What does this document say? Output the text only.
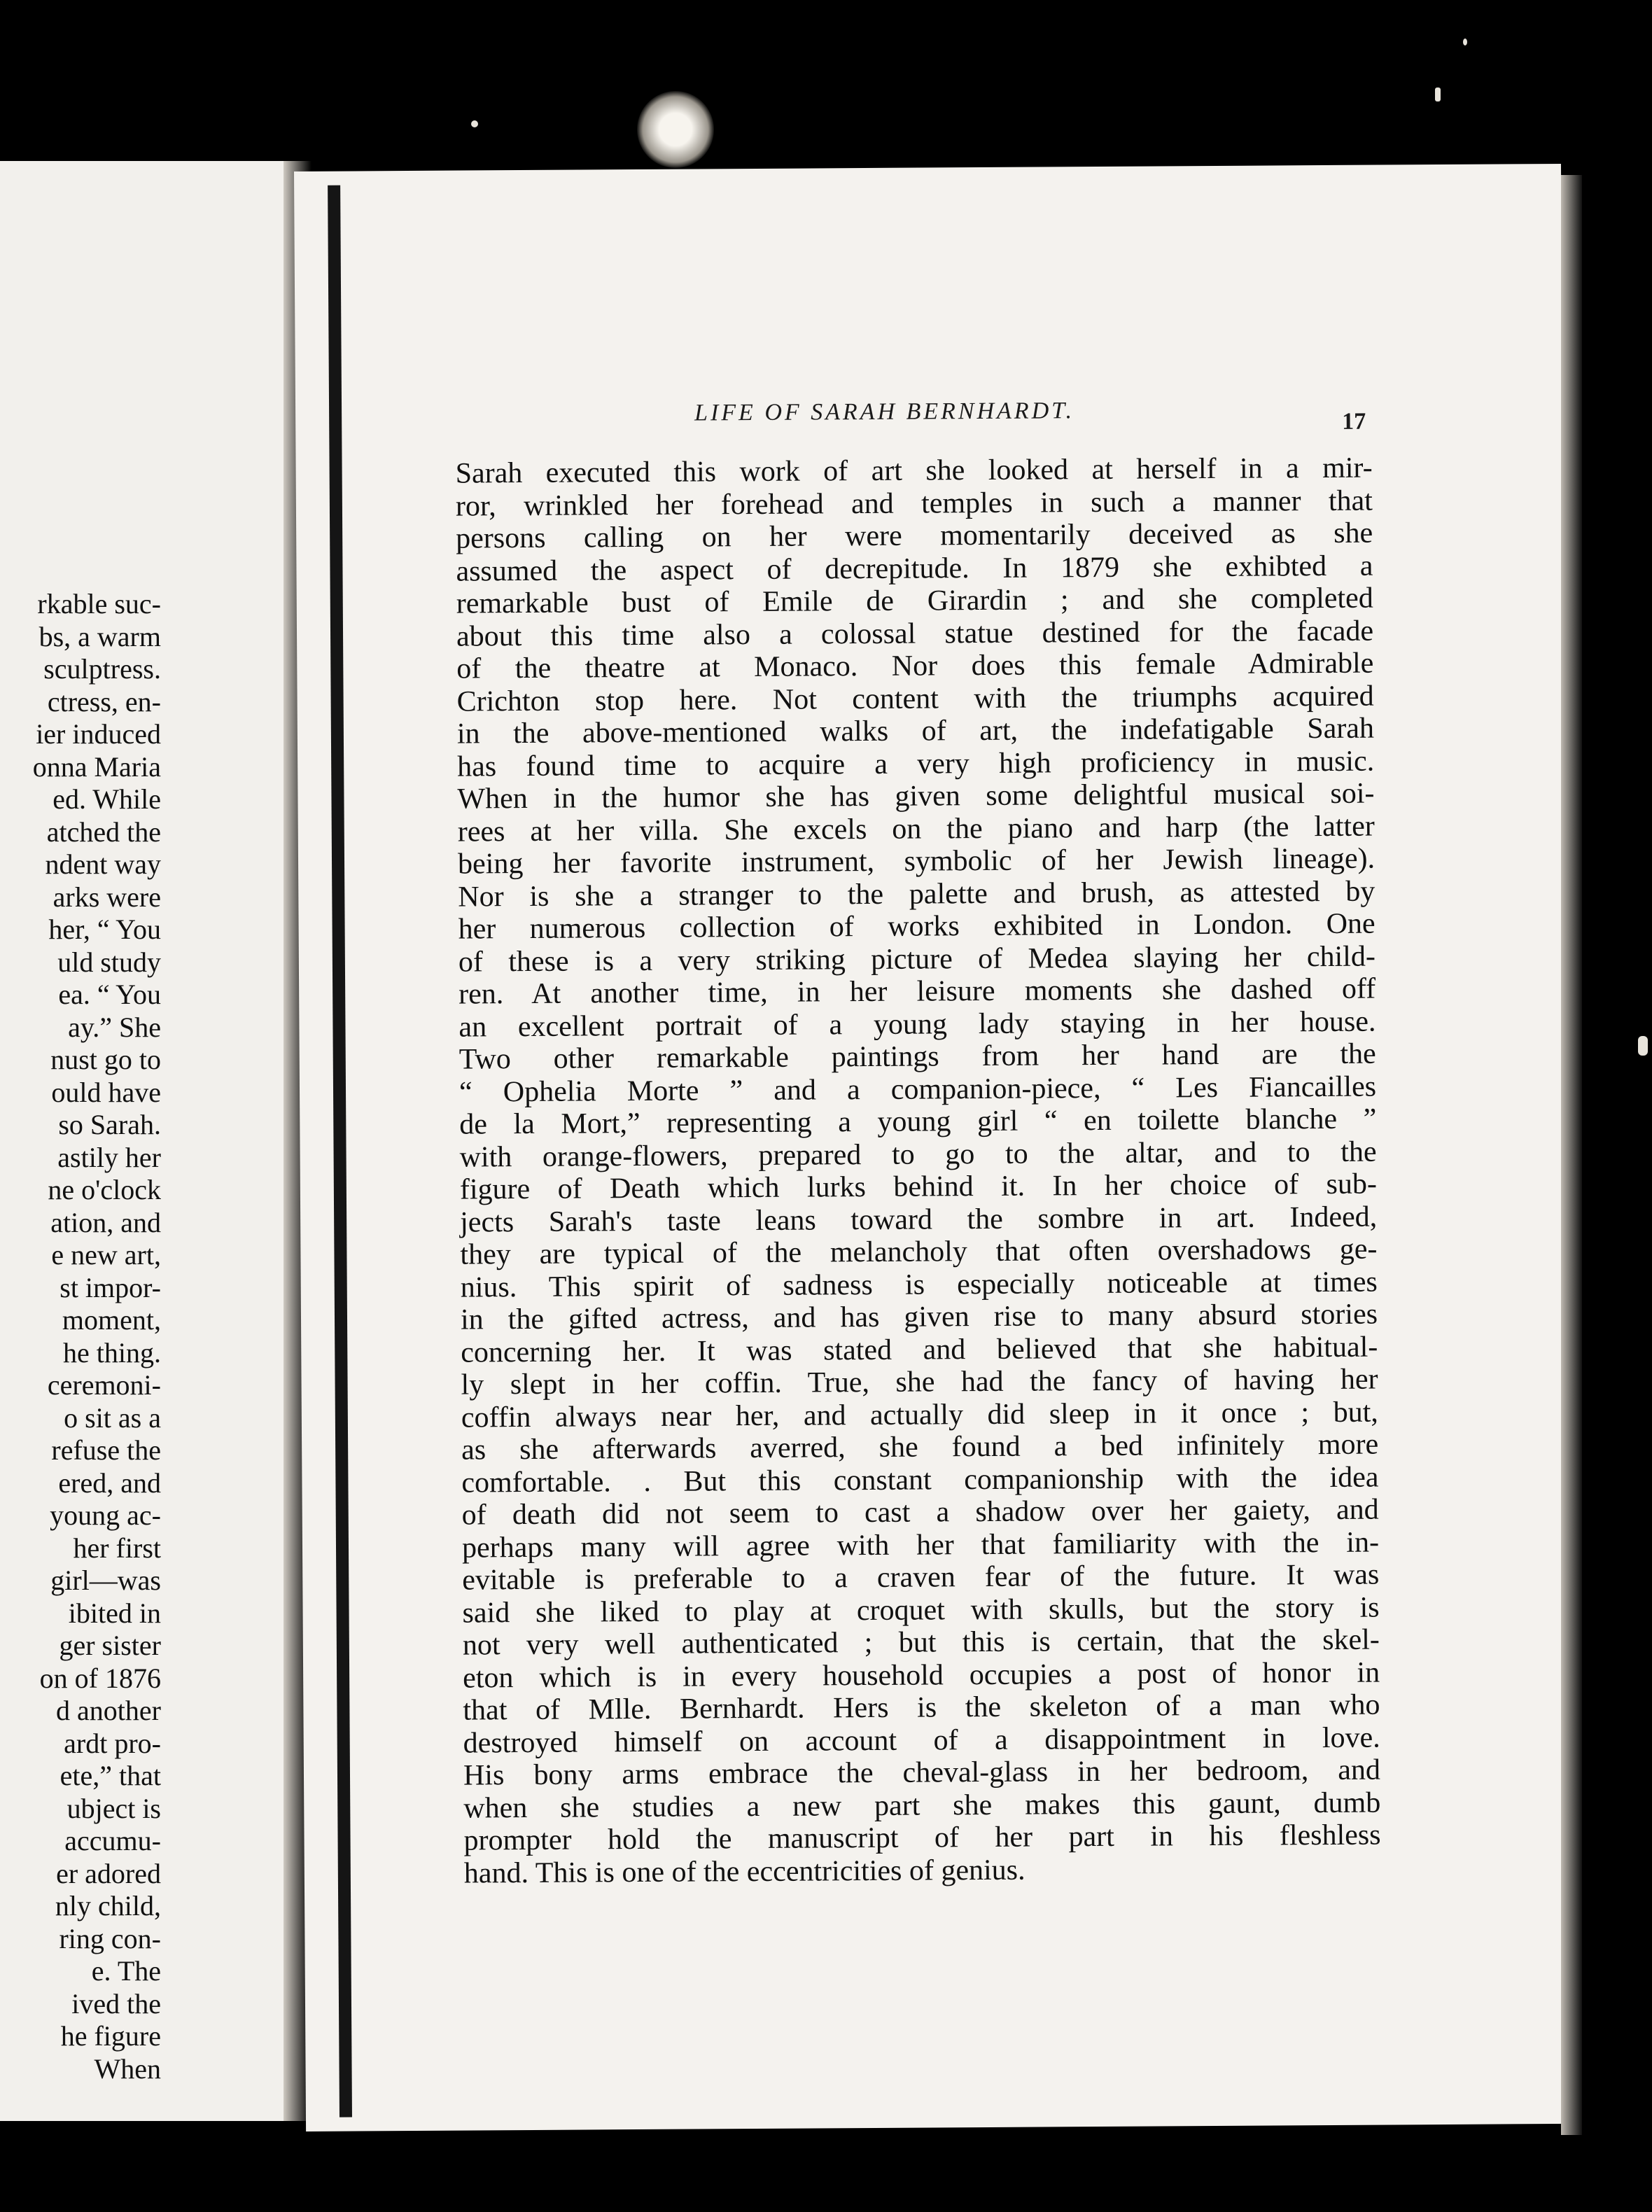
rkable suc-
bs, a warm
sculptress.
ctress, en-
ier induced
onna Maria
ed. While
atched the
ndent way
arks were
her, “ You
uld study
ea. “ You
ay.” She
nust go to
ould have
so Sarah.
astily her
ne o'clock
ation, and
e new art,
st impor-
moment,
he thing.
ceremoni-
o sit as a
refuse the
ered, and
young ac-
her first
girl—was
ibited in
ger sister
on of 1876
d another
ardt pro-
ete,” that
ubject is
accumu-
er adored
nly child,
ring con-
e. The
ived the
he figure
When
LIFE OF SARAH BERNHARDT.	17
Sarah executed this work of art she looked at herself in a mir-
ror, wrinkled her forehead and temples in such a manner that
persons calling on her were momentarily deceived as she
assumed the aspect of decrepitude. In 1879 she exhibted a
remarkable bust of Emile de Girardin ; and she completed
about this time also a colossal statue destined for the facade
of the theatre at Monaco. Nor does this female Admirable
Crichton stop here. Not content with the triumphs acquired
in the above-mentioned walks of art, the indefatigable Sarah
has found time to acquire a very high proficiency in music.
When in the humor she has given some delightful musical soi-
rees at her villa. She excels on the piano and harp (the latter
being her favorite instrument, symbolic of her Jewish lineage).
Nor is she a stranger to the palette and brush, as attested by
her numerous collection of works exhibited in London. One
of these is a very striking picture of Medea slaying her child-
ren. At another time, in her leisure moments she dashed off
an excellent portrait of a young lady staying in her house.
Two other remarkable paintings from her hand are the
“ Ophelia Morte ” and a companion-piece, “ Les Fiancailles
de la Mort,” representing a young girl “ en toilette blanche ”
with orange-flowers, prepared to go to the altar, and to the
figure of Death which lurks behind it. In her choice of sub-
jects Sarah's taste leans toward the sombre in art. Indeed,
they are typical of the melancholy that often overshadows ge-
nius. This spirit of sadness is especially noticeable at times
in the gifted actress, and has given rise to many absurd stories
concerning her. It was stated and believed that she habitual-
ly slept in her coffin. True, she had the fancy of having her
coffin always near her, and actually did sleep in it once ; but,
as she afterwards averred, she found a bed infinitely more
comfortable. . But this constant companionship with the idea
of death did not seem to cast a shadow over her gaiety, and
perhaps many will agree with her that familiarity with the in-
evitable is preferable to a craven fear of the future. It was
said she liked to play at croquet with skulls, but the story is
not very well authenticated ; but this is certain, that the skel-
eton which is in every household occupies a post of honor in
that of Mlle. Bernhardt. Hers is the skeleton of a man who
destroyed himself on account of a disappointment in love.
His bony arms embrace the cheval-glass in her bedroom, and
when she studies a new part she makes this gaunt, dumb
prompter hold the manuscript of her part in his fleshless
hand. This is one of the eccentricities of genius.
